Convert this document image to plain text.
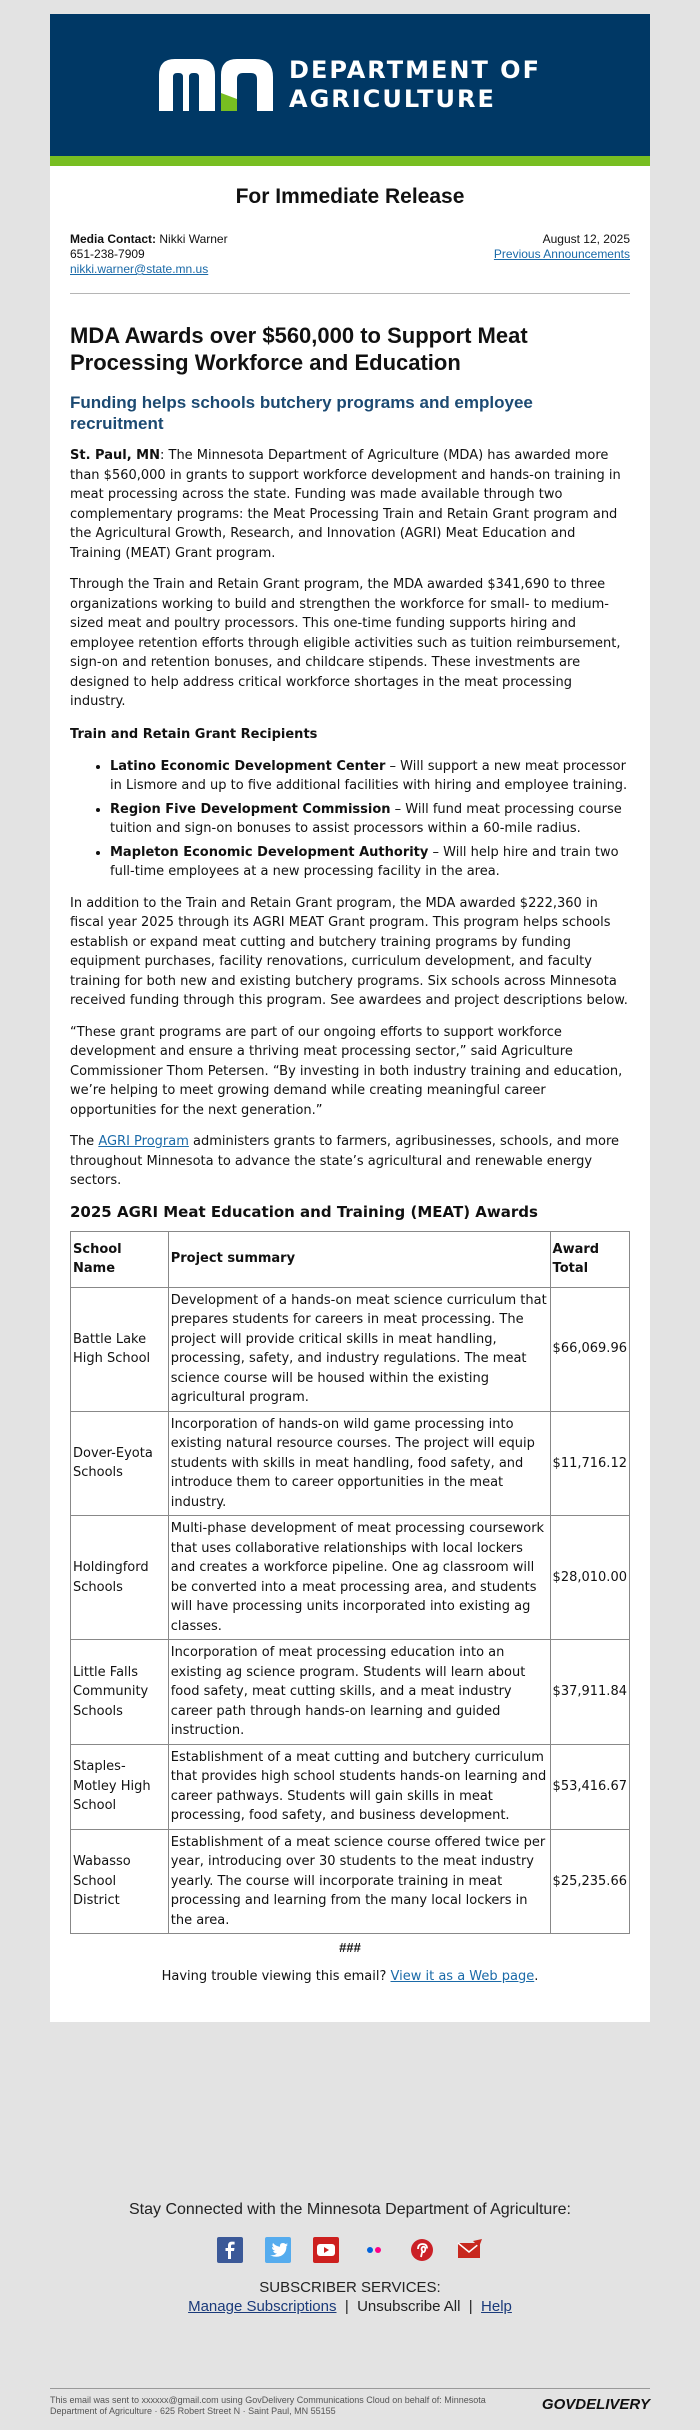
DEPARTMENT OF
AGRICULTURE
For Immediate Release
Media Contact: Nikki Warner
651-238-7909
nikki.warner@state.mn.us
August 12, 2025
Previous Announcements
MDA Awards over $560,000 to Support Meat Processing Workforce and Education
Funding helps schools butchery programs and employee recruitment

St. Paul, MN: The Minnesota Department of Agriculture (MDA) has awarded more than $560,000 in grants to support workforce development and hands-on training in meat processing across the state. Funding was made available through two complementary programs: the Meat Processing Train and Retain Grant program and the Agricultural Growth, Research, and Innovation (AGRI) Meat Education and Training (MEAT) Grant program.

Through the Train and Retain Grant program, the MDA awarded $341,690 to three organizations working to build and strengthen the workforce for small- to medium-sized meat and poultry processors. This one-time funding supports hiring and employee retention efforts through eligible activities such as tuition reimbursement, sign-on and retention bonuses, and childcare stipends. These investments are designed to help address critical workforce shortages in the meat processing industry.

Train and Retain Grant Recipients
• Latino Economic Development Center – Will support a new meat processor in Lismore and up to five additional facilities with hiring and employee training.
• Region Five Development Commission – Will fund meat processing course tuition and sign-on bonuses to assist processors within a 60-mile radius.
• Mapleton Economic Development Authority – Will help hire and train two full-time employees at a new processing facility in the area.

In addition to the Train and Retain Grant program, the MDA awarded $222,360 in fiscal year 2025 through its AGRI MEAT Grant program. This program helps schools establish or expand meat cutting and butchery training programs by funding equipment purchases, facility renovations, curriculum development, and faculty training for both new and existing butchery programs. Six schools across Minnesota received funding through this program. See awardees and project descriptions below.

“These grant programs are part of our ongoing efforts to support workforce development and ensure a thriving meat processing sector,” said Agriculture Commissioner Thom Petersen. “By investing in both industry training and education, we’re helping to meet growing demand while creating meaningful career opportunities for the next generation.”

The AGRI Program administers grants to farmers, agribusinesses, schools, and more throughout Minnesota to advance the state’s agricultural and renewable energy sectors.

2025 AGRI Meat Education and Training (MEAT) Awards
School Name	Project summary	Award Total
Battle Lake High School	Development of a hands-on meat science curriculum that prepares students for careers in meat processing. The project will provide critical skills in meat handling, processing, safety, and industry regulations. The meat science course will be housed within the existing agricultural program.	$66,069.96
Dover-Eyota Schools	Incorporation of hands-on wild game processing into existing natural resource courses. The project will equip students with skills in meat handling, food safety, and introduce them to career opportunities in the meat industry.	$11,716.12
Holdingford Schools	Multi-phase development of meat processing coursework that uses collaborative relationships with local lockers and creates a workforce pipeline. One ag classroom will be converted into a meat processing area, and students will have processing units incorporated into existing ag classes.	$28,010.00
Little Falls Community Schools	Incorporation of meat processing education into an existing ag science program. Students will learn about food safety, meat cutting skills, and a meat industry career path through hands-on learning and guided instruction.	$37,911.84
Staples-Motley High School	Establishment of a meat cutting and butchery curriculum that provides high school students hands-on learning and career pathways. Students will gain skills in meat processing, food safety, and business development.	$53,416.67
Wabasso School District	Establishment of a meat science course offered twice per year, introducing over 30 students to the meat industry yearly. The course will incorporate training in meat processing and learning from the many local lockers in the area.	$25,235.66
###
Having trouble viewing this email? View it as a Web page.
Stay Connected with the Minnesota Department of Agriculture:
SUBSCRIBER SERVICES:
Manage Subscriptions  |  Unsubscribe All  |  Help
This email was sent to xxxxxx@gmail.com using GovDelivery Communications Cloud on behalf of: Minnesota
Department of Agriculture · 625 Robert Street N · Saint Paul, MN 55155	GOVDELIVERY
